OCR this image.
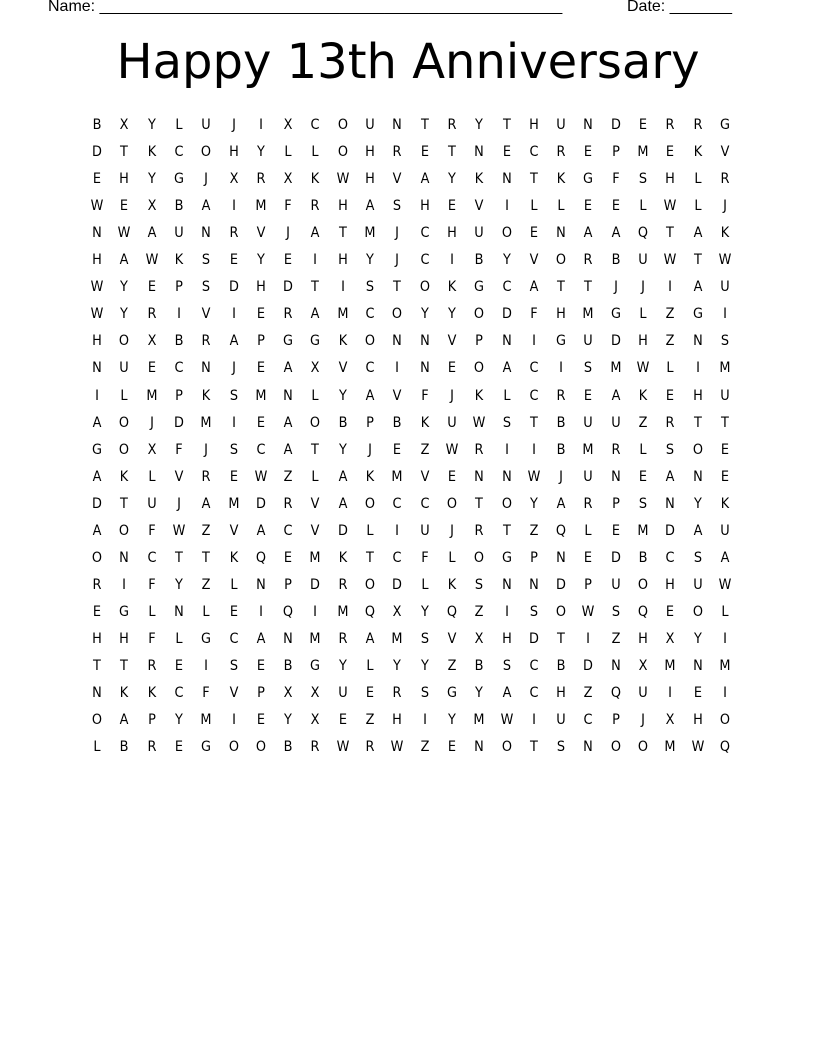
Name: ____________________________________________________	Date: _______
Happy 13th Anniversary
B	X	Y	L	U	J	I	X	C	O	U	N	T	R	Y	T	H	U	N	D	E	R	R	G
D	T	K	C	O	H	Y	L	L	O	H	R	E	T	N	E	C	R	E	P	M	E	K	V
E	H	Y	G	J	X	R	X	K	W	H	V	A	Y	K	N	T	K	G	F	S	H	L	R
W	E	X	B	A	I	M	F	R	H	A	S	H	E	V	I	L	L	E	E	L	W	L	J
N	W	A	U	N	R	V	J	A	T	M	J	C	H	U	O	E	N	A	A	Q	T	A	K
H	A	W	K	S	E	Y	E	I	H	Y	J	C	I	B	Y	V	O	R	B	U	W	T	W
W	Y	E	P	S	D	H	D	T	I	S	T	O	K	G	C	A	T	T	J	J	I	A	U
W	Y	R	I	V	I	E	R	A	M	C	O	Y	Y	O	D	F	H	M G	L	Z	G	I
H	O	X	B	R	A	P	G	G	K	O	N	N	V	P	N	I	G	U	D	H	Z	N	S
N	U	E	C	N	J	E	A	X	V	C	I	N	E	O	A	C	I	S	M W	L	I	M
I	L	M	P	K	S	M	N	L	Y	A	V	F	J	K	L	C	R	E	A	K	E	H	U
A	O	J	D	M	I	E	A	O	B	P	B	K	U	W	S	T	B	U	U	Z	R	T	T
G	O	X	F	J	S	C	A	T	Y	J	E	Z	W	R	I	I	B	M	R	L	S	O	E
A	K	L	V	R	E	W	Z	L	A	K	M	V	E	N	N	W	J	U	N	E	A	N	E
D	T	U	J	A	M	D	R	V	A	O	C	C	O	T	O	Y	A	R	P	S	N	Y	K
A	O	F	W	Z	V	A	C	V	D	L	I	U	J	R	T	Z	Q	L	E	M	D	A	U
O	N	C	T	T	K	Q	E	M	K	T	C	F	L	O G	P	N	E	D	B	C	S	A
R	I	F	Y	Z	L	N	P	D	R	O	D	L	K	S	N	N	D	P	U	O	H	U	W
E	G	L	N	L	E	I	Q	I	M Q	X	Y	Q	Z	I	S	O W	S	Q	E	O	L
H	H	F	L	G	C	A	N	M	R	A	M	S	V	X	H	D	T	I	Z	H	X	Y	I
T	T	R	E	I	S	E	B	G	Y	L	Y	Y	Z	B	S	C	B	D	N	X	M	N	M
N	K	K	C	F	V	P	X	X	U	E	R	S	G	Y	A	C	H	Z	Q	U	I	E	I
O	A	P	Y	M	I	E	Y	X	E	Z	H	I	Y	M W	I	U	C	P	J	X	H	O
L	B	R	E	G	O O	B	R	W	R	W	Z	E	N	O	T	S	N	O O M W Q
